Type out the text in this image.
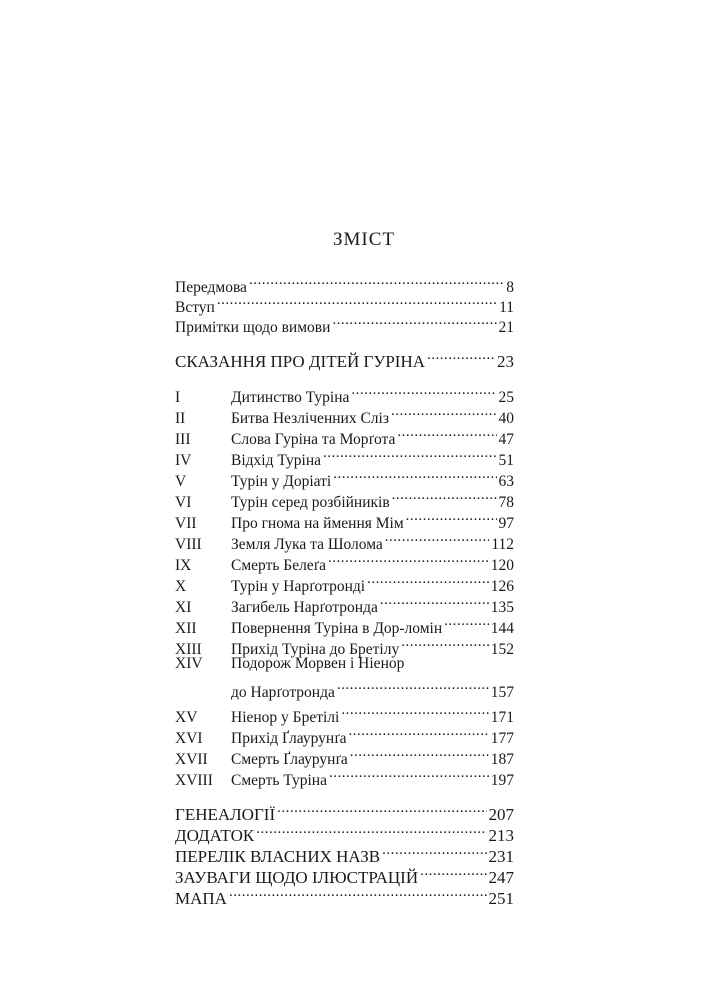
ЗМІСТ
Передмова .....	8
Вступ .....	11
Примітки щодо вимови .....	21
СКАЗАННЯ ПРО ДІТЕЙ ГУРІНА .....	23
I	Дитинство Турiна .....	25
II	Битва Незліченних Сліз .....	40
III	Слова Гуріна та Морґота .....	47
IV	Відхід Турiна .....	51
V	Турiн у Доріаті .....	63
VI	Турiн серед розбійників .....	78
VII	Про гнома на ймення Мім .....	97
VIII	Земля Лука та Шолома .....	112
IX	Смерть Белеґа .....	120
X	Турiн у Нарґотронді .....	126
XI	Загибель Нарґотронда .....	135
XII	Повернення Турiна в Дор-ломін .....	144
XIII	Прихід Турiна до Бретілу .....	152
XIV	Подорож Морвен і Ніенор
до Нарґотронда .....	157
XV	Ніенор у Бретілі .....	171
XVI	Прихід Ґлаурунґа .....	177
XVII	Смерть Ґлаурунґа .....	187
XVIII	Смерть Турiна .....	197
ГЕНЕАЛОГІЇ .....	207
ДОДАТОК .....	213
ПЕРЕЛІК ВЛАСНИХ НАЗВ .....	231
ЗАУВАГИ ЩОДО ІЛЮСТРАЦІЙ .....	247
МАПА .....	251
